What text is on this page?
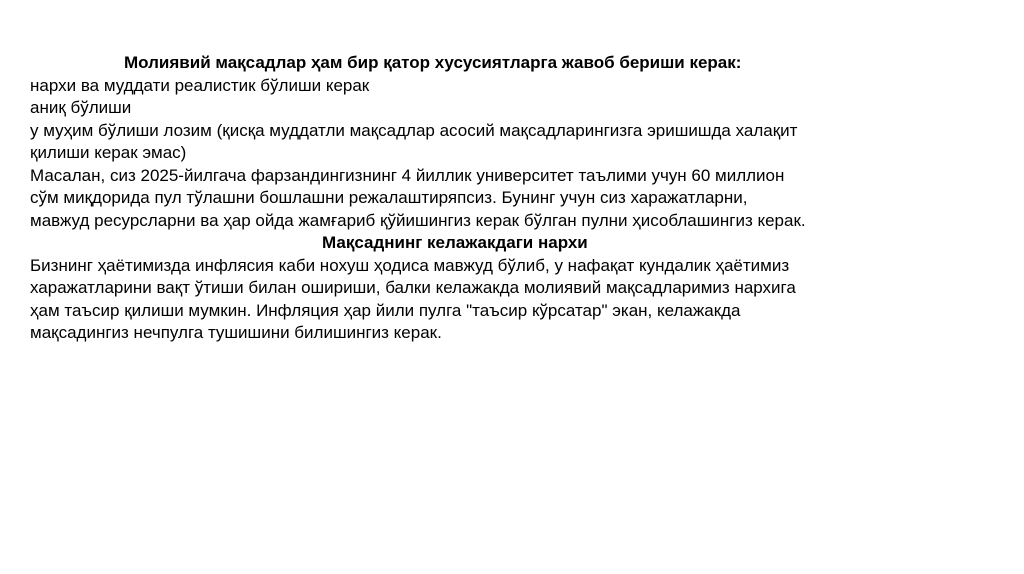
Молиявий мақсадлар ҳам бир қатор хусусиятларга жавоб бериши керак:
нархи ва муддати реалистик бўлиши керак
аниқ бўлиши
у муҳим бўлиши лозим (қисқа муддатли мақсадлар асосий мақсадларингизга эришишда халақит
қилиши керак эмас)
Масалан, сиз 2025-йилгача фарзандингизнинг 4 йиллик университет таълими учун 60 миллион
сўм миқдорида пул тўлашни бошлашни режалаштиряпсиз. Бунинг учун сиз харажатларни,
мавжуд ресурсларни ва ҳар ойда жамғариб қўйишингиз керак бўлган пулни ҳисоблашингиз керак.
Мақсаднинг келажакдаги нархи
Бизнинг ҳаётимизда инфлясия каби нохуш ҳодиса мавжуд бўлиб, у нафақат кундалик ҳаётимиз
харажатларини вақт ўтиши билан ошириши, балки келажакда молиявий мақсадларимиз нархига
ҳам таъсир қилиши мумкин. Инфляция ҳар йили пулга "таъсир кўрсатар" экан, келажакда
мақсадингиз нечпулга тушишини билишингиз керак.
